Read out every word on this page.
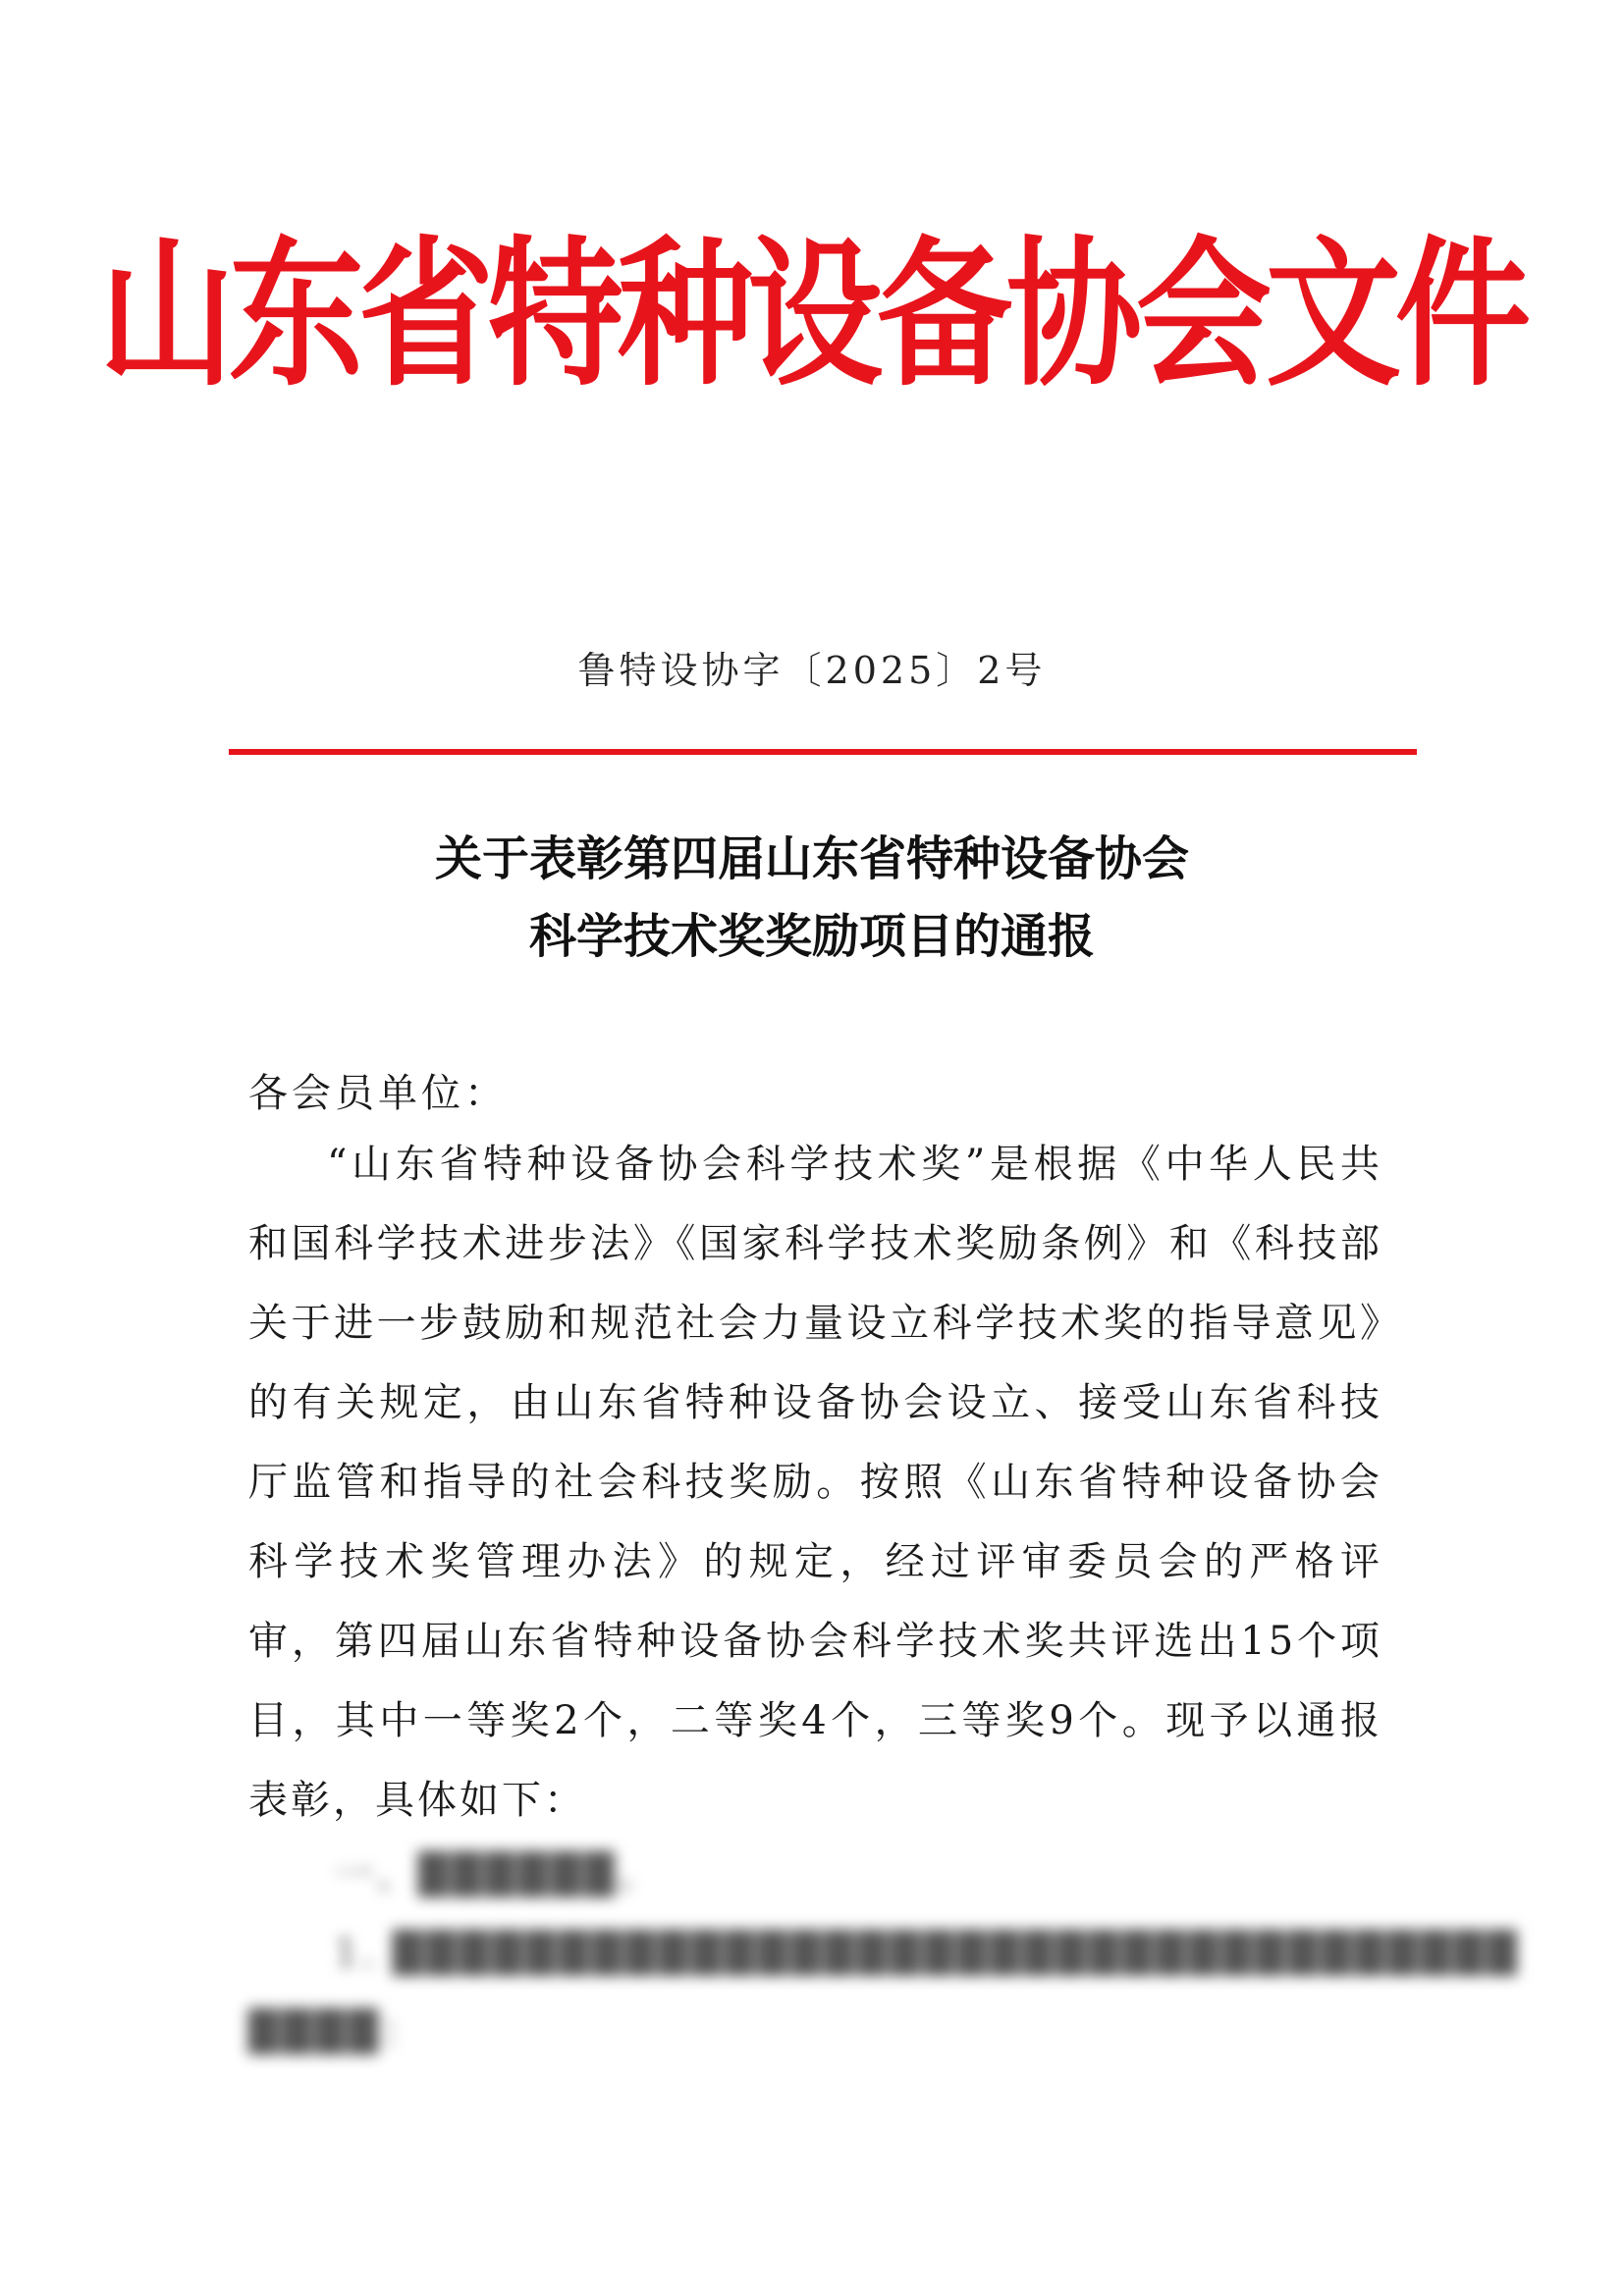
山东省特种设备协会文件
鲁特设协字〔2025〕2号
关于表彰第四届山东省特种设备协会
科学技术奖奖励项目的通报
各会员单位：
“山东省特种设备协会科学技术奖”是根据《中华人民共和国科学技术进步法》《国家科学技术奖励条例》和《科技部关于进一步鼓励和规范社会力量设立科学技术奖的指导意见》的有关规定，由山东省特种设备协会设立、接受山东省科技厅监管和指导的社会科技奖励。按照《山东省特种设备协会科学技术奖管理办法》的规定，经过评审委员会的严格评审，第四届山东省特种设备协会科学技术奖共评选出15个项目，其中一等奖2个，二等奖4个，三等奖9个。现予以通报表彰，具体如下：
一、██████。
1. ██████████████████████████████████
████：
